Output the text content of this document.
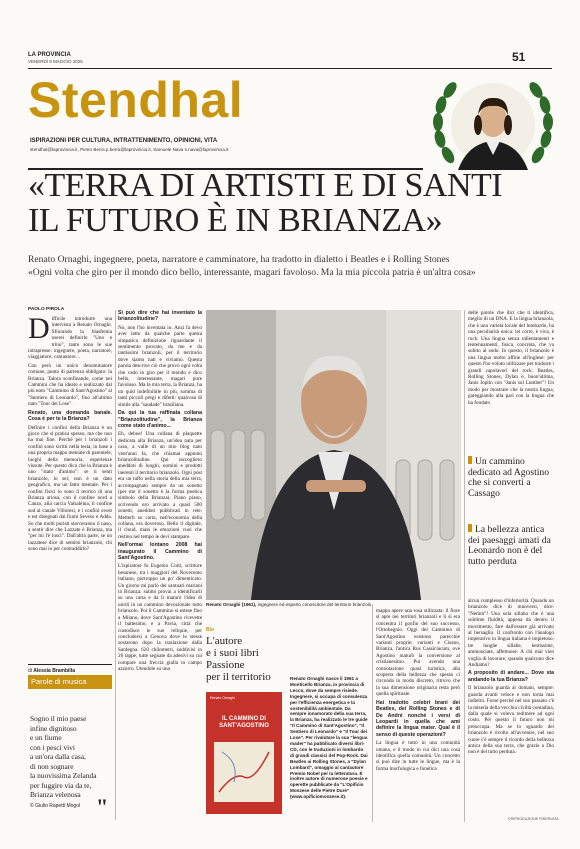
LA PROVINCIA
VENERDÌ 9 MAGGIO 2025	51
Stendhal
ISPIRAZIONI PER CULTURA, INTRATTENIMENTO, OPINIONI, VITA
stendhal@laprovincia.it, Pietro Berra p.berra@laprovincia.it, Samuele Nava s.nava@laprovincia.it
«TERRA DI ARTISTI E DI SANTI
IL FUTURO È IN BRIANZA»
Renato Ornaghi, ingegnere, poeta, narratore e camminatore, ha tradotto in dialetto i Beatles e i Rolling Stones
«Ogni volta che giro per il mondo dico bello, interessante, magari favoloso. Ma la mia piccola patria è un'altra cosa»
PAOLO PIROLA
D ifficile introdurre una intervista a Renato Ornaghi. Sfiorando la blasfemia oserei definirlo "Uno e trino", tanto sono le sue intrapresse: ingegnere, poeta, narratore, viaggiatore, cantautore…

Con però un unico denominatore comune, punto di partenza obbligato: la Brianza. Talora sconfinando, come nei Cammini che ha ideato e realizzato dal più noto "Cammino di Sant'Agostino" al "Sentiero di Leonardo", fino all'ultimo nato "Tour dei Lose".

Renato, una domanda banale. Cosa è per te la Brianza?

Definire i confini della Brianza è un gioco che si pratica spesso, ma che non ha mai fine. Perché per i brianzoli i confini sono scritti nella testa, in base a una propria mappa mentale di parentele, luoghi della memoria, esperienze vissute. Per questo dico che la Brianza è uno "stato d'animo": se ti senti brianzolo, lo sei; non è un dato geografico, ma un fatto mentale. Per i confini fisici io sono il teorico di una Brianza ariosa, con il confine nord a Canzo, alla carcia Valsaleina, il confine sud al canale Villoresi, e i confini ovest e est disegnati dai fiumi Seveso e Adda. So che molti puristi storceranno il naso, a sentir dire che Lazzate è Brianza, ma "per mi l'è inscì". Dall'altra parte, se un lazzatese dice di sentirsi brianzolo, chi sono mai io per contraddirlo?

di Alessia Brambilla
Parole di musica
Sogno il mio paese
infine dignitoso
e un fiume
con i pesci vivi
a un'ora dalla casa,
di non sognare
la nuovissima Zelanda
per fuggire via da te,
Brianza velenosa
© Giulio Rapetti Mogol "

Si può dire che hai inventato la brianzolitudine?

No, non l'ho inventata io. Anzi fa devo aver letto da qualche parte questa simpatica definizione riguardante il sentimento provato, da me e da tantissimi brianzoli, per il territorio dove siamo nati e viviamo. Questa parola descrive ciò che provo ogni volta che vado in giro per il mondo e dico bello, interessante, magari pure favoloso. Ma la mia terra, la Brianza, ha un quid indefinibile in più, somma di tanti piccoli pregi e difetti: qualcosa di simile alla "saudade" brasiliana.

Da qui la tua raffinata collana "Brianzolitudine", la Brianza come stato d'animo...

Eh, deboe! Una collana di plaquette dedicata alla Brianza, un'idea nata per caso, a valle di un mio blog nato vent'anni fa, che chiamai appunto brianzolitudine. Qui raccogliero aneddoti di luoghi, uomini e prodotti inerenti il territorio brianzolo. Ogni post era un tuffo nella storia della mia terra, accompagnato sempre da un sonetto (per me il sonetto è la forma poetica simbolo della Brianza). Piano piano, scrivendo ero arrivato a quasi 500 sonetti, aneddoti pubblicati in rete. Metterli su carta, nell'economia della collana, era doveroso. Bello il digitale, il cloud, mass le emozioni vuoi che restino nel tempo le devi stampare.

Nell'ormai lontano 2008 hai inaugurato il Cammino di Sant'Agostino.

L'ispiratore fu Eugenio Corti, scrittore besanese, tra i maggiori del Novecento italiano, purtroppo un po' dimenticato. Un giorno mi parlò dei santuari mariani in Brianza: subito provai a identificarli su una carta e da lì maturò l'idea di unirli in un cammino devozionale tutto brianzolo. Poi il Cammino si estese fino a Milano, dove Sant'Agostino ricevette il battesimo, e a Pavia, città che custodisce le sue reliquie, per concludersi a Genova dove le stesse sostarono dopo la traslazione dalla Sardegna. 620 chilometri, suddivisi in 26 tappe, tutte segnate da adesivi su cui compare una freccia gialla in campo azzurro. Utendole su una

Renato Ornaghi (1961), ingegnere ed esperto conoscitore del territorio brianzolo
Bio
L'autore
e i suoi libri
Passione
per il territorio
Renato Ornaghi
IL CAMMINO DI SANT'AGOSTINO
Renato Ornaghi nasce il 1961 a Monticello Brianza, in provincia di Lecco, dove da sempre risiede. Ingegnere, si occupa di consulenza per l'efficienza energetica e la sostenibilità ambientale. Da sempre innamorato della sua terra, la Brianza, ha realizzato le tre guide "Il Cammino di Sant'Agostino", "Il Sentiero di Leonardo" e "Il Tour dei Lose". Per rivalutare la sua "lengua mader" ha pubblicato diversi libri-CD, con le traduzioni in lombardo di grandi classici del Pop-Rock. Dai Beatles ai Rolling Stones, a "Dylan Lombard", omaggio al cantautore Premio Nobel per la letteratura. È inoltre autore di numerose poesie e operette pubblicate da "L'Opificio Monzese delle Pietre Dure" (www.opificiomonzese.it).

mappa apere una rosa stilizzata: il fiore si apre nei territori brianzoli e lì si era concentra il gonfio del suo successo, l'Ortobegnio. Oggi del Cammino di Sant'Agostino esistono parecchie varianti proprie; varianti e Cisano, Brianza, l'antica Rus Cassiciacum, ove Agostino maturò la conversione al cristianesimo. Pur avendo una connotazione quasi turistica, alla scoperta della bellezza che spesso ci circonda in modo discreto, ritrovo che la sua dimensione originaria resta però quella spirituale.

Hai tradotto celebri brani dei Beatles, dei Rolling Stones e di De André nonché i versi di Leopardi in quella che ami definire la lingua mater. Qual è il senso di queste operazioni?

La lingua è tutto in una comunità umana, e il modo in cui dici una cosa identifica quella comunità. Un concetto sì può dire in tutte le lingue, ma è la forma morfologica e fonetica

delle parole che dici che ti identifica, meglio di un DNA. E la lingua brianzola, che è una varietà locale del lombardo, ha una peculiarità unica: lei corre, è viva, è rock. Una lingua senza rallentamenti e tentennamenti, fisica, concreta, che va subito al sodo. In questo, il brianzolo è una lingua molto affine all'inglese: per questo l'ho voluto utilizzare per tradurre i grandi capolavori del rock: Beatles, Rolling Stones, Dylan e, buon'ultima, Janis Joplin con "Janis sul Lumber"! Un modo per mostrare che la nostra lingua, gareggiando alla pari con la lingua che ha fondato

Un cammino dedicato ad Agostino che si convertì a Cassago
La bellezza antica dei paesaggi amati da Leonardo non è del tutto perduta

alcun complesso d'inferiorità. Quando un brianzolo dice di muoversi, dice: "Nemm"! Una sola sillaba che è una sublime fluidità, appena dà dentro il movimento, fare dall'essere già arrivato al bersaglio. Il confronto con l'analogo imperativo in lingua italiana è impietoso: tre lunghe sillabe, lentissime, ammosciate, affettuose. A chi mai vien voglia di lavorare, quando qualcuno dice Andiamo?

A proposito di andare... Dove sta andando la tua Brianza?

Il brianzolo guarda al domani, sempre: guarda avanti veloce e non torna mai indietro. Forse perché nel suo passato c'è la miseria della vecchia civiltà contadina, dalla quale si voleva redimere ad ogni costo. Per questo il futuro non mi preoccupa. Ma se lo sguardo del brianzolo è rivolto all'avvenire, nel suo cuore c'è sempre il ricordo della bellezza antica della sua terra, che grazie a Dio non è del tutto perduta.

©RIPRODUZIONE RISERVATA
